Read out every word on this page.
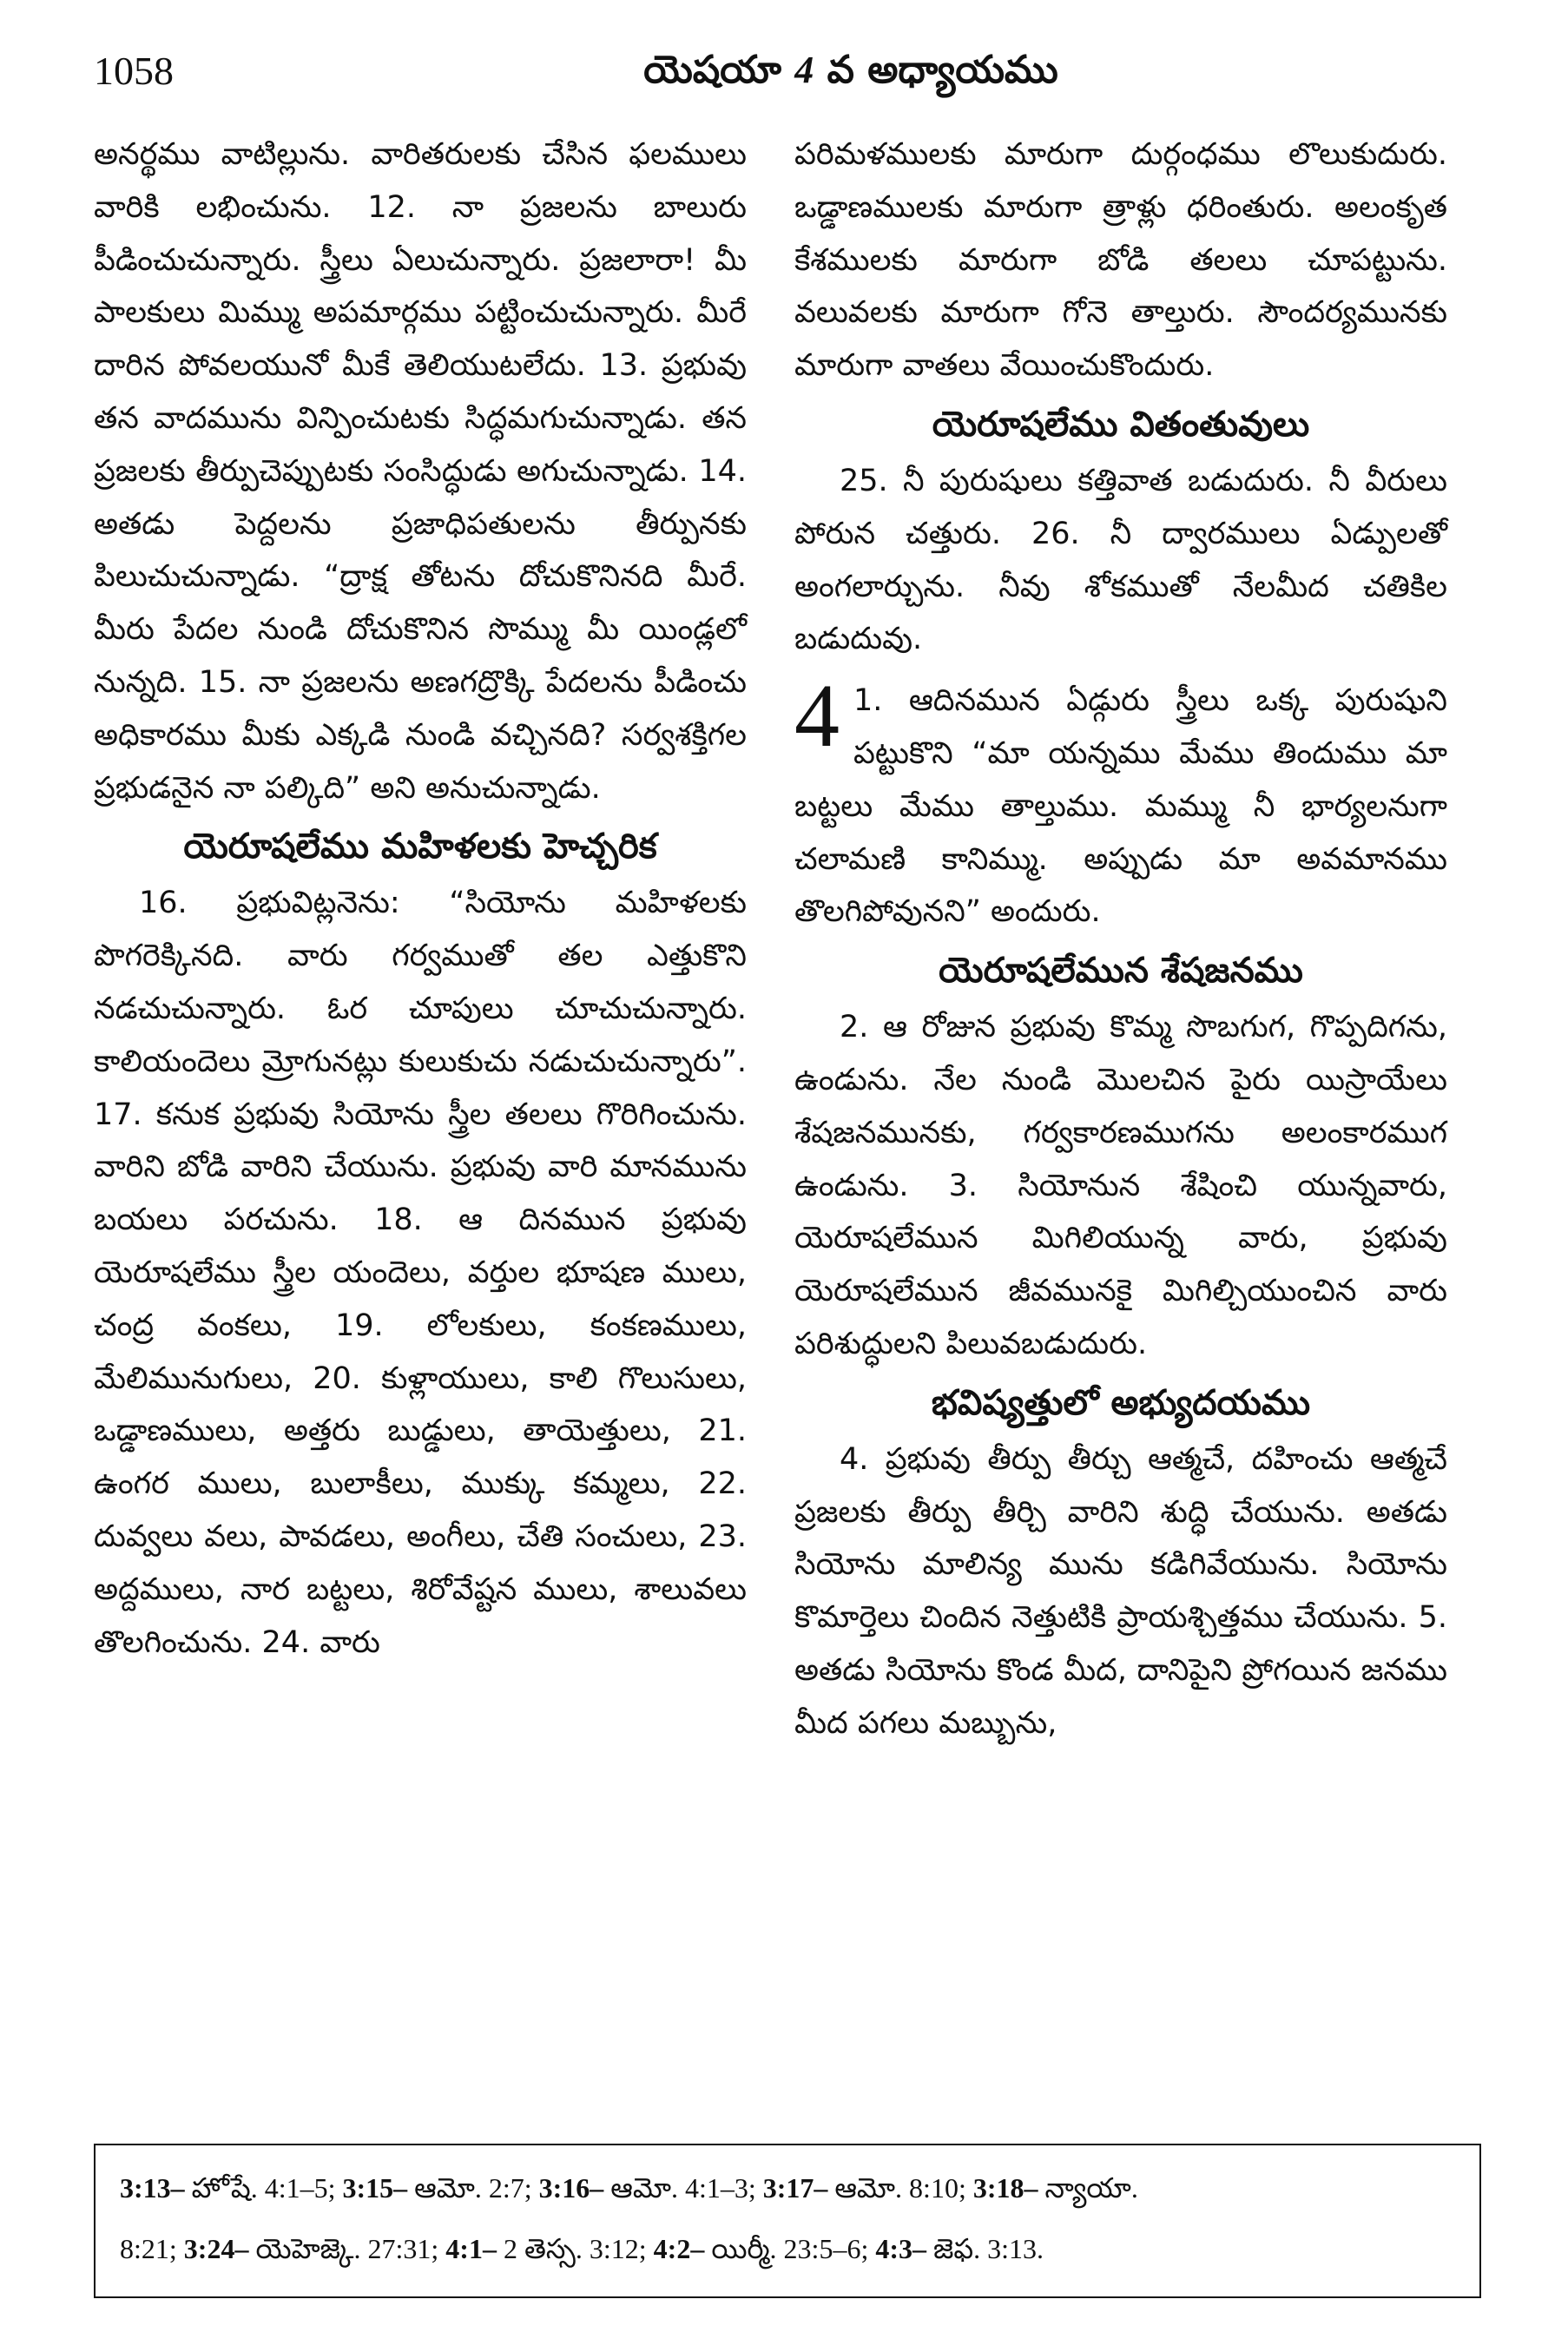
1058	యెషయా 4 వ అధ్యాయము

అనర్థము వాటిల్లును. వారితరులకు చేసిన ఫలములు వారికి లభించును. 12. నా ప్రజలను బాలురు పీడించుచున్నారు. స్త్రీలు ఏలుచున్నారు. ప్రజలారా! మీ పాలకులు మిమ్ము అపమార్గము పట్టించుచున్నారు. మీరే దారిన పోవలయునో మీకే తెలియుటలేదు. 13. ప్రభువు తన వాదమును విన్పించుటకు సిద్ధమగుచున్నాడు. తన ప్రజలకు తీర్పుచెప్పుటకు సంసిద్ధుడు అగుచున్నాడు. 14. అతడు పెద్దలను ప్రజాధిపతులను తీర్పునకు పిలుచుచున్నాడు. “ద్రాక్ష తోటను దోచుకొనినది మీరే. మీరు పేదల నుండి దోచుకొనిన సొమ్ము మీ యిండ్లలో నున్నది. 15. నా ప్రజలను అణగద్రొక్కి పేదలను పీడించు అధికారము మీకు ఎక్కడి నుండి వచ్చినది? సర్వశక్తిగల ప్రభుడనైన నా పల్కిది” అని అనుచున్నాడు.

యెరూషలేము మహిళలకు హెచ్చరిక

16. ప్రభువిట్లనెను: “సియోను మహిళలకు పొగరెక్కినది. వారు గర్వముతో తల ఎత్తుకొని నడచుచున్నారు. ఓర చూపులు చూచుచున్నారు. కాలియందెలు మ్రోగునట్లు కులుకుచు నడుచుచున్నారు”. 17. కనుక ప్రభువు సియోను స్త్రీల తలలు గొరిగించును. వారిని బోడి వారిని చేయును. ప్రభువు వారి మానమును బయలు పరచును. 18. ఆ దినమున ప్రభువు యెరూషలేము స్త్రీల యందెలు, వర్తుల భూషణ ములు, చంద్ర వంకలు, 19. లోలకులు, కంకణములు, మేలిమునుగులు, 20. కుళ్లాయులు, కాలి గొలుసులు, ఒడ్డాణములు, అత్తరు బుడ్డులు, తాయెత్తులు, 21. ఉంగర ములు, బులాకీలు, ముక్కు కమ్మలు, 22. దువ్వలు వలు, పావడలు, అంగీలు, చేతి సంచులు, 23. అద్దములు, నార బట్టలు, శిరోవేష్టన ములు, శాలువలు తొలగించును. 24. వారు

పరిమళములకు మారుగా దుర్గంధము లొలుకుదురు. ఒడ్డాణములకు మారుగా త్రాళ్లు ధరింతురు. అలంకృత కేశములకు మారుగా బోడి తలలు చూపట్టును. వలువలకు మారుగా గోనె తాల్తురు. సౌందర్యమునకు మారుగా వాతలు వేయించుకొందురు.

యెరూషలేము వితంతువులు

25. నీ పురుషులు కత్తివాత బడుదురు. నీ వీరులు పోరున చత్తురు. 26. నీ ద్వారములు ఏడ్పులతో అంగలార్చును. నీవు శోకముతో నేలమీద చతికిల బడుదువు.

4 1. ఆదినమున ఏడ్గురు స్త్రీలు ఒక్క పురుషుని పట్టుకొని “మా యన్నము మేము తిందుము మా బట్టలు మేము తాల్తుము. మమ్ము నీ భార్యలనుగా చలామణి కానిమ్ము. అప్పుడు మా అవమానము తొలగిపోవునని” అందురు.

యెరూషలేమున శేషజనము

2. ఆ రోజున ప్రభువు కొమ్మ సొబగుగ, గొప్పదిగను, ఉండును. నేల నుండి మొలచిన పైరు యిస్రాయేలు శేషజనమునకు, గర్వకారణముగను అలంకారముగ ఉండును. 3. సియోనున శేషించి యున్నవారు, యెరూషలేమున మిగిలియున్న వారు, ప్రభువు యెరూషలేమున జీవమునకై మిగిల్చియుంచిన వారు పరిశుద్ధులని పిలువబడుదురు.

భవిష్యత్తులో అభ్యుదయము

4. ప్రభువు తీర్పు తీర్చు ఆత్మచే, దహించు ఆత్మచే ప్రజలకు తీర్పు తీర్చి వారిని శుద్ధి చేయును. అతడు సియోను మాలిన్య మును కడిగివేయును. సియోను కొమార్తెలు చిందిన నెత్తుటికి ప్రాయశ్చిత్తము చేయును. 5. అతడు సియోను కొండ మీద, దానిపైని ప్రోగయిన జనము మీద పగలు మబ్బును,

3:13– హోషే. 4:1–5; 3:15– ఆమో. 2:7; 3:16– ఆమో. 4:1–3; 3:17– ఆమో. 8:10; 3:18– న్యాయా.
8:21; 3:24– యెహెజ్కె. 27:31; 4:1– 2 తెస్స. 3:12; 4:2– యిర్మీ. 23:5–6; 4:3– జెఫ. 3:13.
